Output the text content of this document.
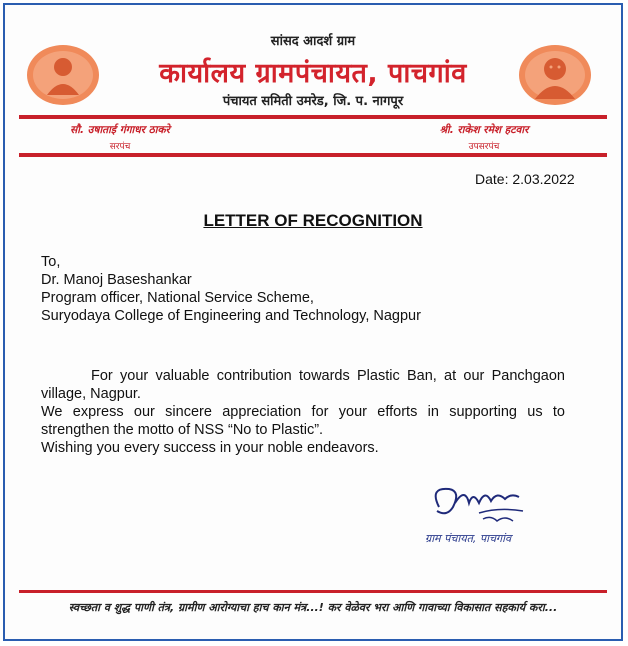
सांसद आदर्श ग्राम
कार्यालय ग्रामपंचायत, पाचगांव
पंचायत समिती उमरेड, जि. प. नागपूर
सौ. उषाताई गंगाधर ठाकरे
सरपंच
श्री. राकेश रमेश हटवार
उपसरपंच
Date: 2.03.2022
LETTER OF RECOGNITION
To,
Dr. Manoj Baseshankar
Program officer, National Service Scheme,
Suryodaya College of Engineering and Technology, Nagpur

For your valuable contribution towards Plastic Ban, at our Panchgaon village, Nagpur.

We express our sincere appreciation for your efforts in supporting us to strengthen the motto of NSS “No to Plastic”.

Wishing you every success in your noble endeavors.

ग्राम पंचायत, पाचगांव
स्वच्छता व शुद्ध पाणी तंत्र, ग्रामीण आरोग्याचा हाच कान मंत्र...! कर वेळेवर भरा आणि गावाच्या विकासात सहकार्य करा...
